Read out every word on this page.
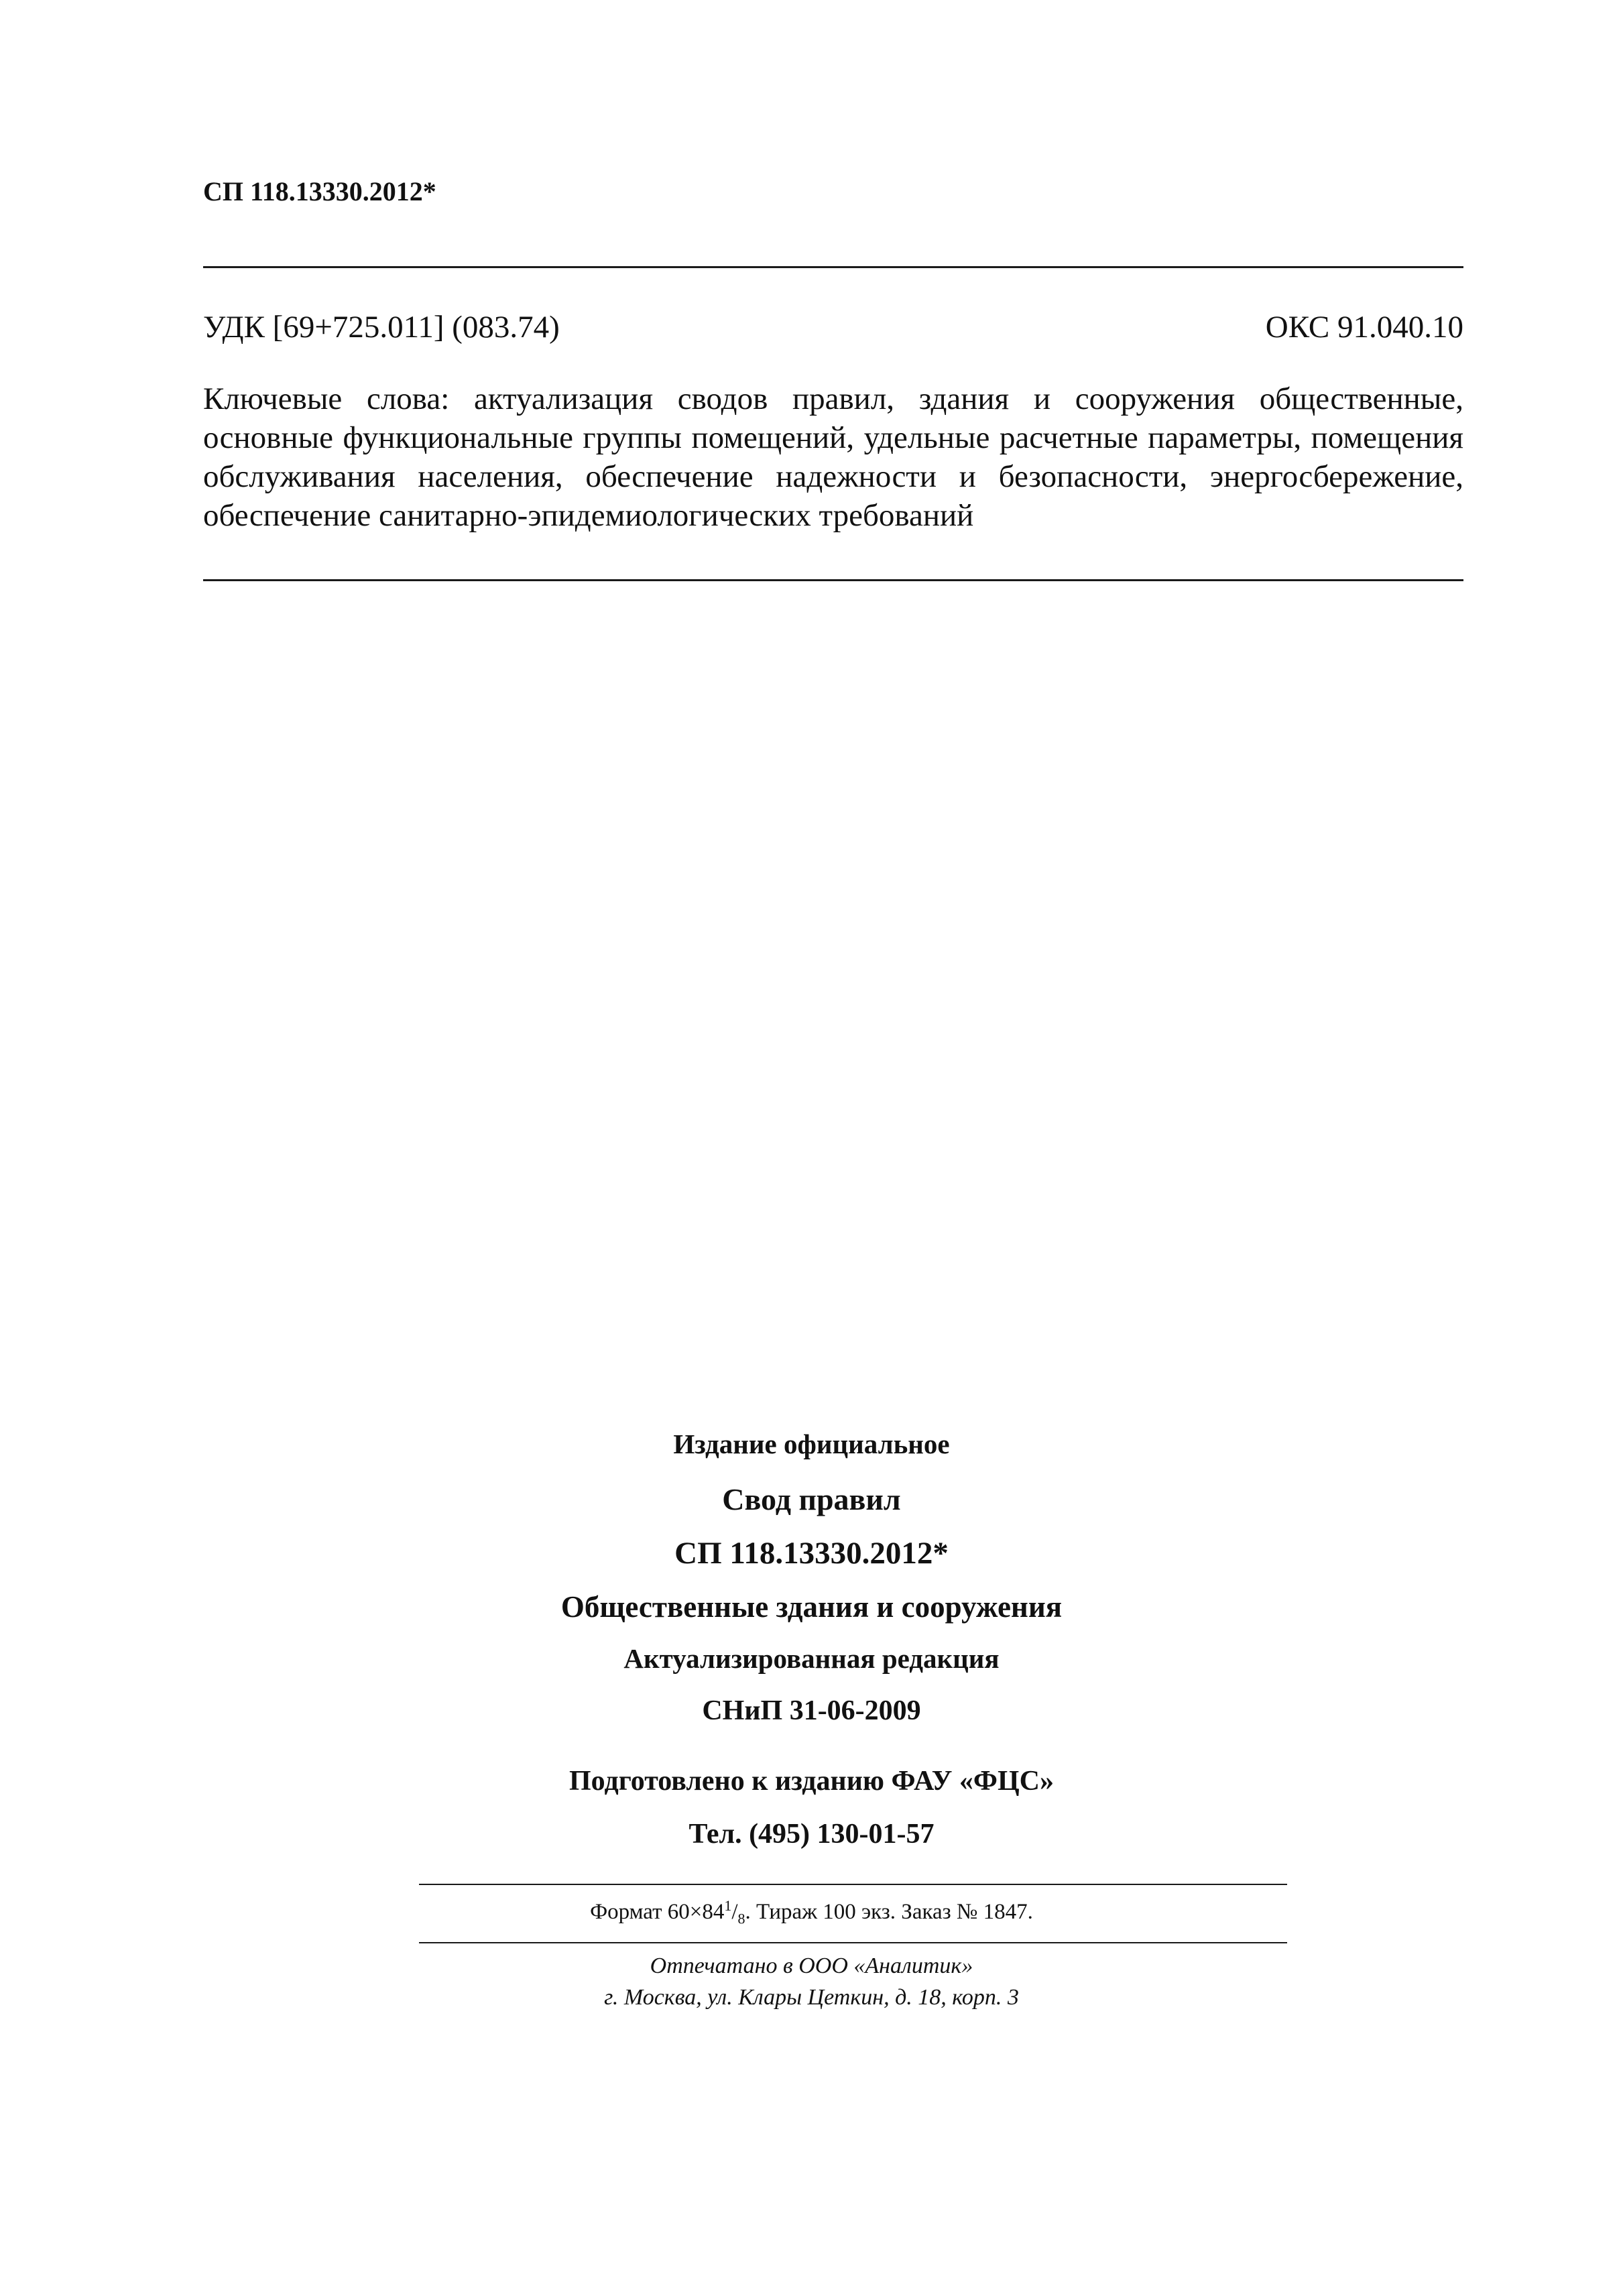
СП 118.13330.2012*
УДК [69+725.011] (083.74)	ОКС 91.040.10
Ключевые слова: актуализация сводов правил, здания и сооружения общественные, основные функциональные группы помещений, удельные расчетные параметры, помещения обслуживания населения, обеспечение надежности и безопасности, энергосбережение, обеспечение санитарно-эпидемиологических требований
Издание официальное
Свод правил
СП 118.13330.2012*
Общественные здания и сооружения
Актуализированная редакция
СНиП 31-06-2009
Подготовлено к изданию ФАУ «ФЦС»
Тел. (495) 130-01-57
Формат $60\times 84^1/_8$. Тираж 100 экз. Заказ № 1847.
Отпечатано в ООО «Аналитик»
г. Москва, ул. Клары Цеткин, д. 18, корп. 3
